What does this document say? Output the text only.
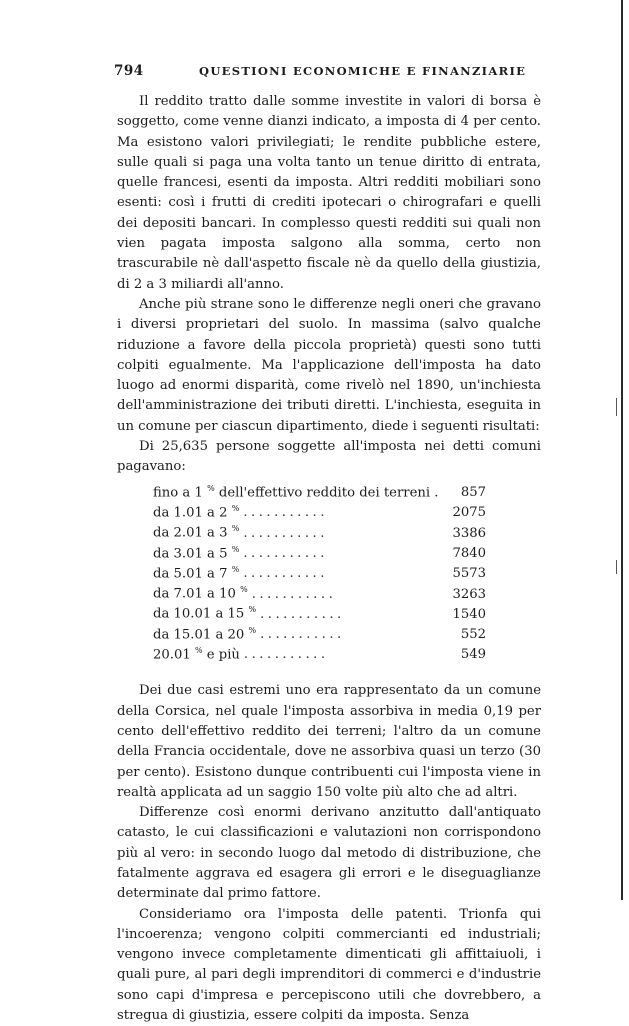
794	QUESTIONI ECONOMICHE E FINANZIARIE

Il reddito tratto dalle somme investite in valori di borsa è soggetto, come venne dianzi indicato, a imposta di 4 per cento. Ma esistono valori privilegiati; le rendite pubbliche estere, sulle quali si paga una volta tanto un tenue diritto di entrata, quelle francesi, esenti da imposta. Altri redditi mobiliari sono esenti: così i frutti di crediti ipotecari o chirografari e quelli dei depositi bancari. In complesso questi redditi sui quali non vien pagata imposta salgono alla somma, certo non trascurabile nè dall'aspetto fiscale nè da quello della giustizia, di 2 a 3 miliardi all'anno.

Anche più strane sono le differenze negli oneri che gravano i diversi proprietari del suolo. In massima (salvo qualche riduzione a favore della piccola proprietà) questi sono tutti colpiti egualmente. Ma l'applicazione dell'imposta ha dato luogo ad enormi disparità, come rivelò nel 1890, un'inchiesta dell'amministrazione dei tributi diretti. L'inchiesta, eseguita in un comune per ciascun dipartimento, diede i seguenti risultati:

Di 25,635 persone soggette all'imposta nei detti comuni pagavano:

fino a 1 % dell'effettivo reddito dei terreni .	857
da 1.01 a 2 % ...........	2075
da 2.01 a 3 % ...........	3386
da 3.01 a 5 % ...........	7840
da 5.01 a 7 % ...........	5573
da 7.01 a 10 % ...........	3263
da 10.01 a 15 % ...........	1540
da 15.01 a 20 % ...........	552
20.01 % e più ...........	549

Dei due casi estremi uno era rappresentato da un comune della Corsica, nel quale l'imposta assorbiva in media 0,19 per cento dell'effettivo reddito dei terreni; l'altro da un comune della Francia occidentale, dove ne assorbiva quasi un terzo (30 per cento). Esistono dunque contribuenti cui l'imposta viene in realtà applicata ad un saggio 150 volte più alto che ad altri.

Differenze così enormi derivano anzitutto dall'antiquato catasto, le cui classificazioni e valutazioni non corrispondono più al vero: in secondo luogo dal metodo di distribuzione, che fatalmente aggrava ed esagera gli errori e le diseguaglianze determinate dal primo fattore.

Consideriamo ora l'imposta delle patenti. Trionfa qui l'incoerenza; vengono colpiti commercianti ed industriali; vengono invece completamente dimenticati gli affittaiuoli, i quali pure, al pari degli imprenditori di commerci e d'industrie sono capi d'impresa e percepiscono utili che dovrebbero, a stregua di giustizia, essere colpiti da imposta. Senza
